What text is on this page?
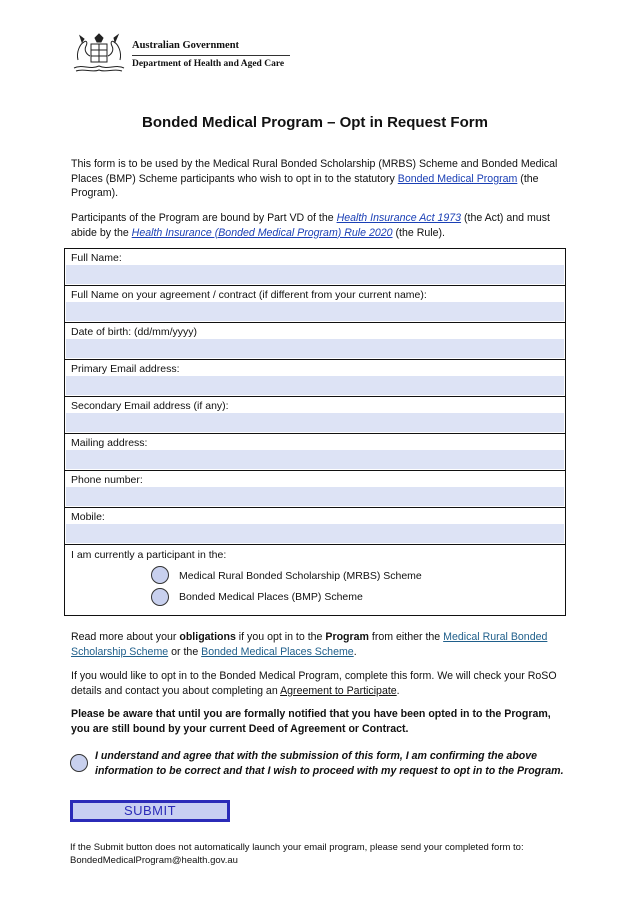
Australian Government
Department of Health and Aged Care
Bonded Medical Program – Opt in Request Form
This form is to be used by the Medical Rural Bonded Scholarship (MRBS) Scheme and Bonded Medical Places (BMP) Scheme participants who wish to opt in to the statutory Bonded Medical Program (the Program).
Participants of the Program are bound by Part VD of the Health Insurance Act 1973 (the Act) and must abide by the Health Insurance (Bonded Medical Program) Rule 2020 (the Rule).
Full Name:
Full Name on your agreement / contract (if different from your current name):
Date of birth: (dd/mm/yyyy)
Primary Email address:
Secondary Email address (if any):
Mailing address:
Phone number:
Mobile:
I am currently a participant in the:
Medical Rural Bonded Scholarship (MRBS) Scheme
Bonded Medical Places (BMP) Scheme
Read more about your obligations if you opt in to the Program from either the Medical Rural Bonded Scholarship Scheme or the Bonded Medical Places Scheme.
If you would like to opt in to the Bonded Medical Program, complete this form. We will check your RoSO details and contact you about completing an Agreement to Participate.
Please be aware that until you are formally notified that you have been opted in to the Program, you are still bound by your current Deed of Agreement or Contract.
I understand and agree that with the submission of this form, I am confirming the above information to be correct and that I wish to proceed with my request to opt in to the Program.
SUBMIT
If the Submit button does not automatically launch your email program, please send your completed form to:
BondedMedicalProgram@health.gov.au
